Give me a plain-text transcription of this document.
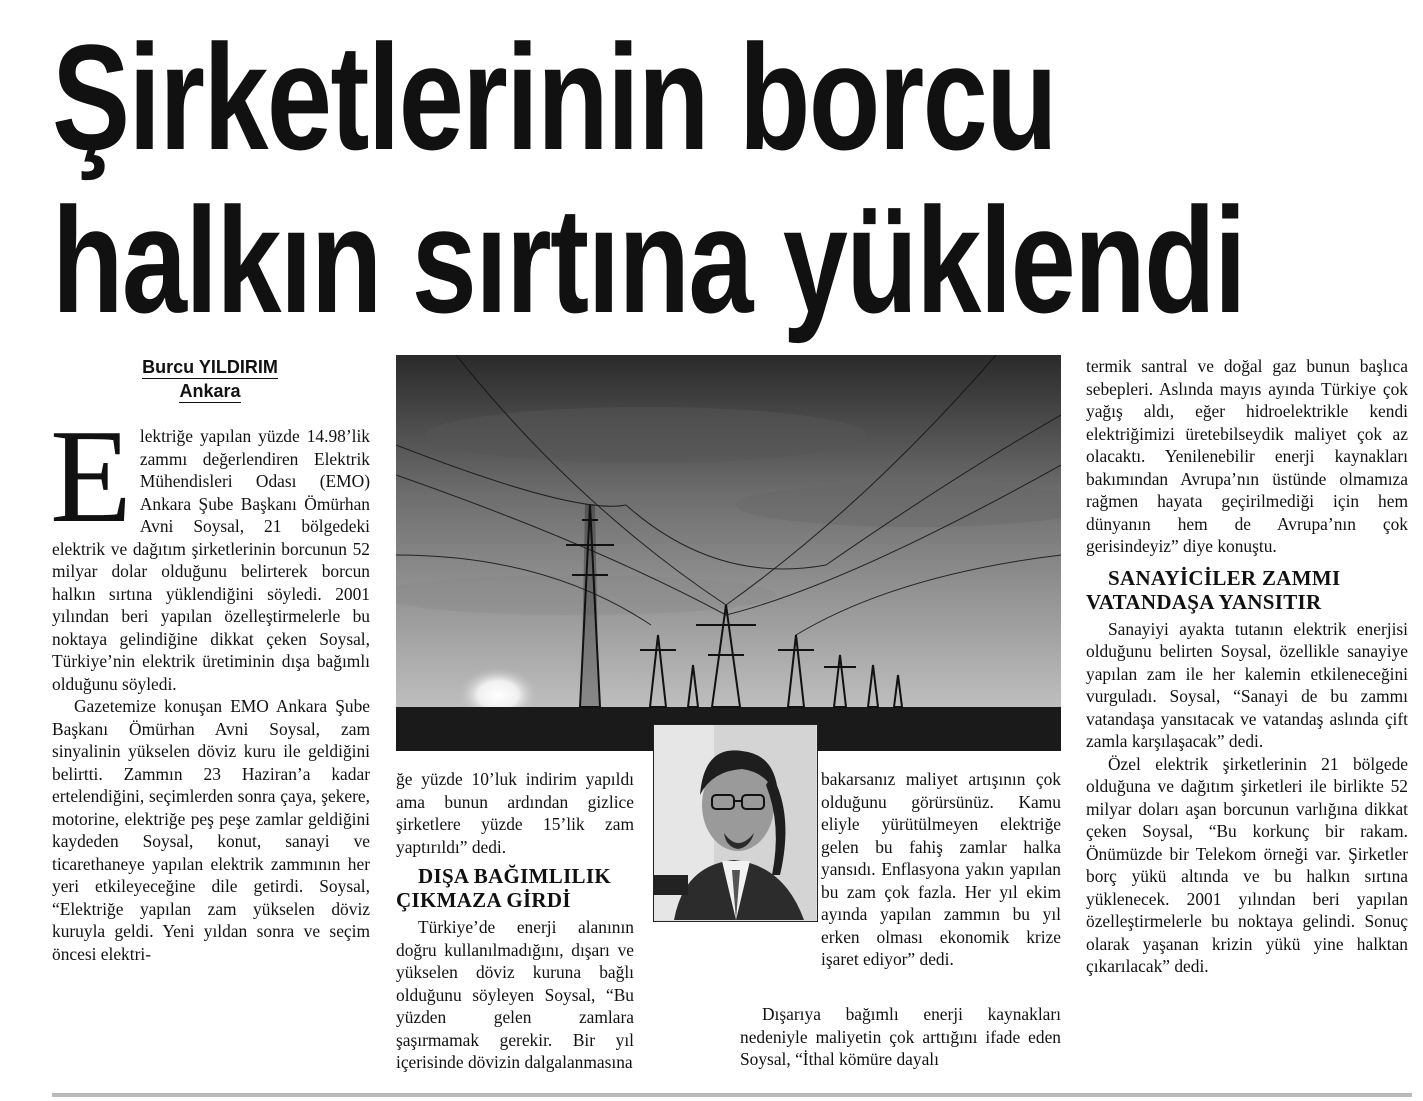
Şirketlerinin borcu
halkın sırtına yüklendi
Burcu YILDIRIM
Ankara

Elektriğe yapılan yüzde 14.98’lik zammı değerlendiren Elektrik Mühendisleri Odası (EMO) Ankara Şube Başkanı Ömürhan Avni Soysal, 21 bölgedeki elektrik ve dağıtım şirketlerinin borcunun 52 milyar dolar olduğunu belirterek borcun halkın sırtına yüklendiğini söyledi. 2001 yılından beri yapılan özelleştirmelerle bu noktaya gelindiğine dikkat çeken Soysal, Türkiye’nin elektrik üretiminin dışa bağımlı olduğunu söyledi.

Gazetemize konuşan EMO Ankara Şube Başkanı Ömürhan Avni Soysal, zam sinyalinin yükselen döviz kuru ile geldiğini belirtti. Zammın 23 Haziran’a kadar ertelendiğini, seçimlerden sonra çaya, şekere, motorine, elektriğe peş peşe zamlar geldiğini kaydeden Soysal, konut, sanayi ve ticarethaneye yapılan elektrik zammının her yeri etkileyeceğine dile getirdi. Soysal, “Elektriğe yapılan zam yükselen döviz kuruyla geldi. Yeni yıldan sonra ve seçim öncesi elektri-

ğe yüzde 10’luk indirim yapıldı ama bunun ardından gizlice şirketlere yüzde 15’lik zam yaptırıldı” dedi.

DIŞA BAĞIMLILIK ÇIKMAZA GİRDİ

Türkiye’de enerji alanının doğru kullanılmadığını, dışarı ve yükselen döviz kuruna bağlı olduğunu söyleyen Soysal, “Bu yüzden gelen zamlara şaşırmamak gerekir. Bir yıl içerisinde dövizin dalgalanmasına

bakarsanız maliyet artışının çok olduğunu görürsünüz. Kamu eliyle yürütülmeyen elektriğe gelen bu fahiş zamlar halka yansıdı. Enflasyona yakın yapılan bu zam çok fazla. Her yıl ekim ayında yapılan zammın bu yıl erken olması ekonomik krize işaret ediyor” dedi.

Dışarıya bağımlı enerji kaynakları nedeniyle maliyetin çok arttığını ifade eden Soysal, “İthal kömüre dayalı

termik santral ve doğal gaz bunun başlıca sebepleri. Aslında mayıs ayında Türkiye çok yağış aldı, eğer hidroelektrikle kendi elektriğimizi üretebilseydik maliyet çok az olacaktı. Yenilenebilir enerji kaynakları bakımından Avrupa’nın üstünde olmamıza rağmen hayata geçirilmediği için hem dünyanın hem de Avrupa’nın çok gerisindeyiz” diye konuştu.

SANAYİCİLER ZAMMI VATANDAŞA YANSITIR

Sanayiyi ayakta tutanın elektrik enerjisi olduğunu belirten Soysal, özellikle sanayiye yapılan zam ile her kalemin etkileneceğini vurguladı. Soysal, “Sanayi de bu zammı vatandaşa yansıtacak ve vatandaş aslında çift zamla karşılaşacak” dedi.

Özel elektrik şirketlerinin 21 bölgede olduğuna ve dağıtım şirketleri ile birlikte 52 milyar doları aşan borcunun varlığına dikkat çeken Soysal, “Bu korkunç bir rakam. Önümüzde bir Telekom örneği var. Şirketler borç yükü altında ve bu halkın sırtına yüklenecek. 2001 yılından beri yapılan özelleştirmelerle bu noktaya gelindi. Sonuç olarak yaşanan krizin yükü yine halktan çıkarılacak” dedi.
